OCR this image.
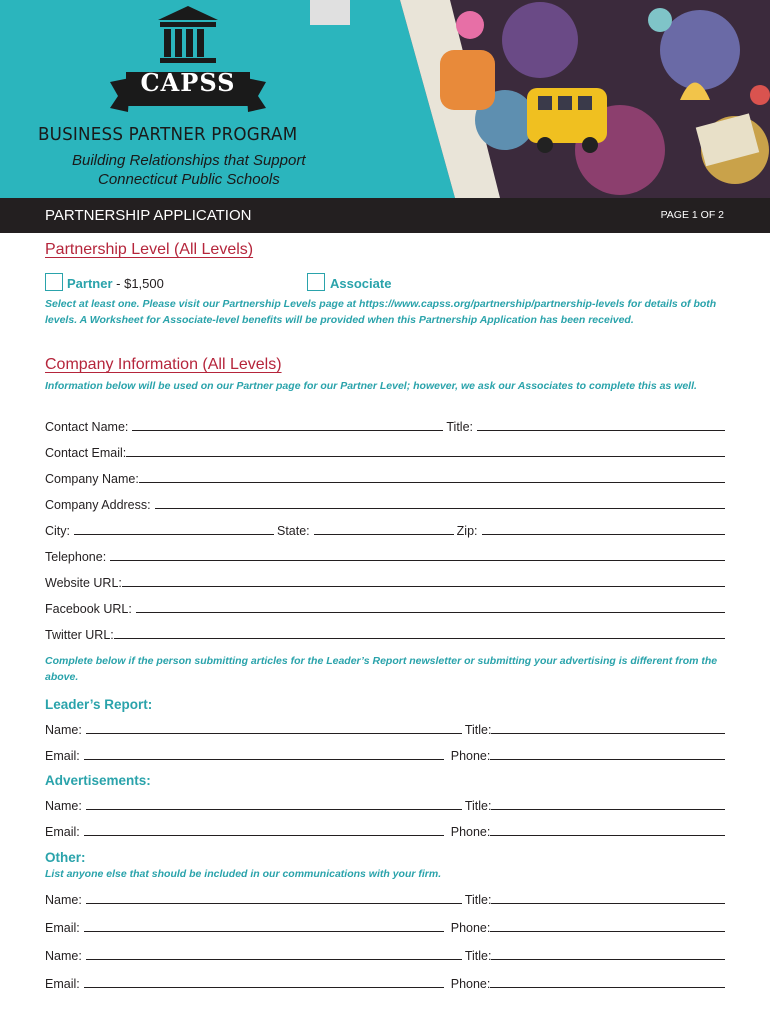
CAPSS
BUSINESS PARTNER PROGRAM
Building Relationships that Support
Connecticut Public Schools
PARTNERSHIP APPLICATION	PAGE 1 OF 2
Partnership Level (All Levels)
Partner - $1,500	Associate
Select at least one. Please visit our Partnership Levels page at https://www.capss.org/partnership/partnership-levels for details of both levels. A Worksheet for Associate-level benefits will be provided when this Partnership Application has been received.
Company Information (All Levels)
Information below will be used on our Partner page for our Partner Level; however, we ask our Associates to complete this as well.
Contact Name:	Title:
Contact Email:
Company Name:
Company Address:
City:	State:	Zip:
Telephone:
Website URL:
Facebook URL:
Twitter URL:
Complete below if the person submitting articles for the Leader’s Report newsletter or submitting your advertising is different from the above.
Leader’s Report:
Name:	Title:
Email:	Phone:
Advertisements:
Name:	Title:
Email:	Phone:
Other:
List anyone else that should be included in our communications with your firm.
Name:	Title:
Email:	Phone:
Name:	Title:
Email:	Phone:
